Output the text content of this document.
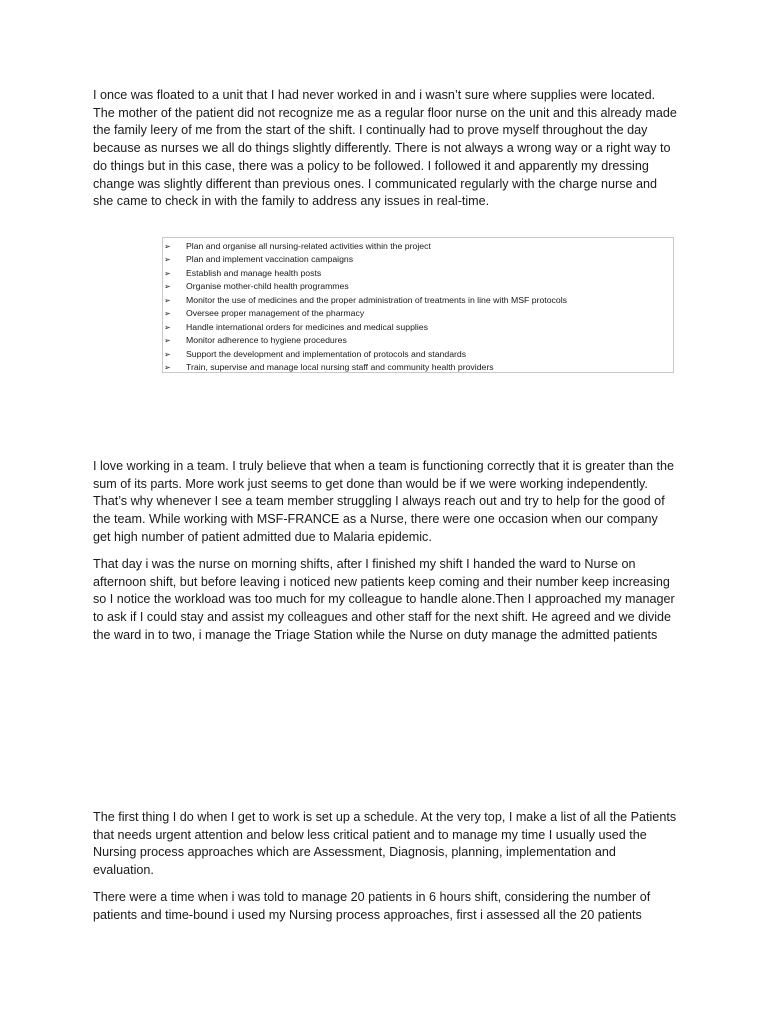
I once was floated to a unit that I had never worked in and i wasn’t sure where supplies were located. The mother of the patient did not recognize me as a regular floor nurse on the unit and this already made the family leery of me from the start of the shift. I continually had to prove myself throughout the day because as nurses we all do things slightly differently. There is not always a wrong way or a right way to do things but in this case, there was a policy to be followed. I followed it and apparently my dressing change was slightly different than previous ones. I communicated regularly with the charge nurse and she came to check in with the family to address any issues in real-time.

➢	Plan and organise all nursing-related activities within the project
➢	Plan and implement vaccination campaigns
➢	Establish and manage health posts
➢	Organise mother-child health programmes
➢	Monitor the use of medicines and the proper administration of treatments in line with MSF protocols
➢	Oversee proper management of the pharmacy
➢	Handle international orders for medicines and medical supplies
➢	Monitor adherence to hygiene procedures
➢	Support the development and implementation of protocols and standards
➢	Train, supervise and manage local nursing staff and community health providers

I love working in a team. I truly believe that when a team is functioning correctly that it is greater than the sum of its parts. More work just seems to get done than would be if we were working independently. That’s why whenever I see a team member struggling I always reach out and try to help for the good of the team. While working with MSF-FRANCE as a Nurse, there were one occasion when our company get high number of patient admitted due to Malaria epidemic.

That day i was the nurse on morning shifts, after I finished my shift I handed the ward to Nurse on afternoon shift, but before leaving i noticed new patients keep coming and their number keep increasing so I notice the workload was too much for my colleague to handle alone.Then I approached my manager to ask if I could stay and assist my colleagues and other staff for the next shift. He agreed and we divide the ward in to two, i manage the Triage Station while the Nurse on duty manage the admitted patients

The first thing I do when I get to work is set up a schedule. At the very top, I make a list of all the Patients that needs urgent attention and below less critical patient and to manage my time I usually used the Nursing process approaches which are Assessment, Diagnosis, planning, implementation and evaluation.

There were a time when i was told to manage 20 patients in 6 hours shift, considering the number of patients and time-bound i used my Nursing process approaches, first i assessed all the 20 patients
